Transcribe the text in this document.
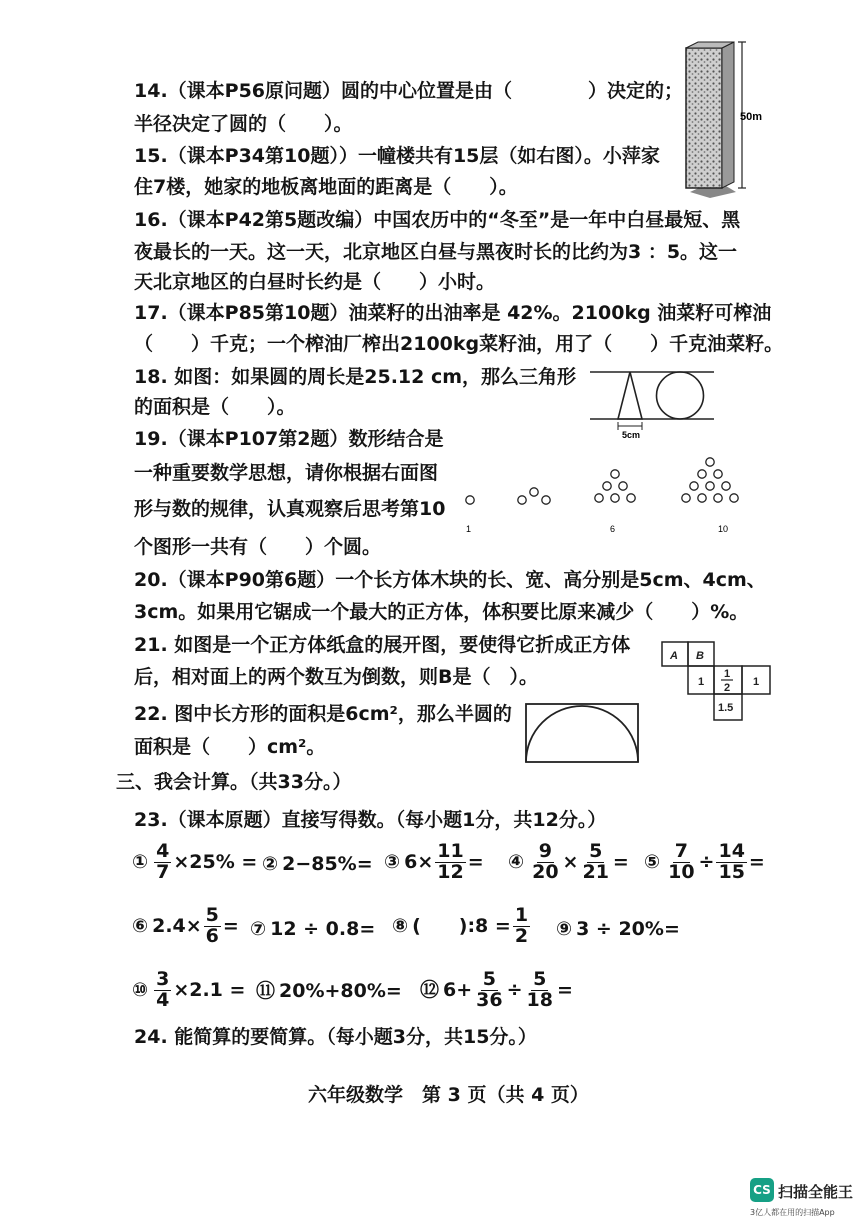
14.（课本P56原问题）圆的中心位置是由（　　　　）决定的；
半径决定了圆的（　　）。
15.（课本P34第10题））一幢楼共有15层（如右图）。小萍家
住7楼，她家的地板离地面的距离是（　　）。
16.（课本P42第5题改编）中国农历中的“冬至”是一年中白昼最短、黑
夜最长的一天。这一天，北京地区白昼与黑夜时长的比约为3 ：5。这一
天北京地区的白昼时长约是（　　）小时。
17.（课本P85第10题）油菜籽的出油率是 42%。2100kg 油菜籽可榨油
（　　）千克；一个榨油厂榨出2100kg菜籽油，用了（　　）千克油菜籽。
18. 如图：如果圆的周长是25.12 cm，那么三角形
的面积是（　　）。
19.（课本P107第2题）数形结合是
一种重要数学思想，请你根据右面图
形与数的规律，认真观察后思考第10
个图形一共有（　　）个圆。
20.（课本P90第6题）一个长方体木块的长、宽、高分别是5cm、4cm、
3cm。如果用它锯成一个最大的正方体，体积要比原来减少（　　）%。
21. 如图是一个正方体纸盒的展开图，要使得它折成正方体
后，相对面上的两个数互为倒数，则B是（　）。
22. 图中长方形的面积是6cm²，那么半圆的
面积是（　　）cm²。
三、我会计算。（共33分。）
23.（课本原题）直接写得数。（每小题1分，共12分。）
① $\frac{4}{7} \times 25\%$ = ② 2−85%= ③ $6\times \frac{11}{12}$ = ④ $\frac{9}{20} \times \frac{5}{21}$ = ⑤ $\frac{7}{10} \div \frac{14}{15}$ =
⑥ $2.4\times \frac{5}{6}$ = ⑦ 12 ÷ 0.8= ⑧ (　　):8 = $\frac{1}{2}$ ⑨ 3 ÷ 20%=
⑩ $\frac{3}{4} \times 2.1$ = ⑪ 20%+80%= ⑫ $6+ \frac{5}{36} \div \frac{5}{18}$ =
24. 能简算的要简算。（每小题3分，共15分。）
六年级数学　第 3 页（共 4 页）
50m
5cm
1	6	10
A B
1
1
2 1
1.5
CS 扫描全能王
3亿人都在用的扫描App
